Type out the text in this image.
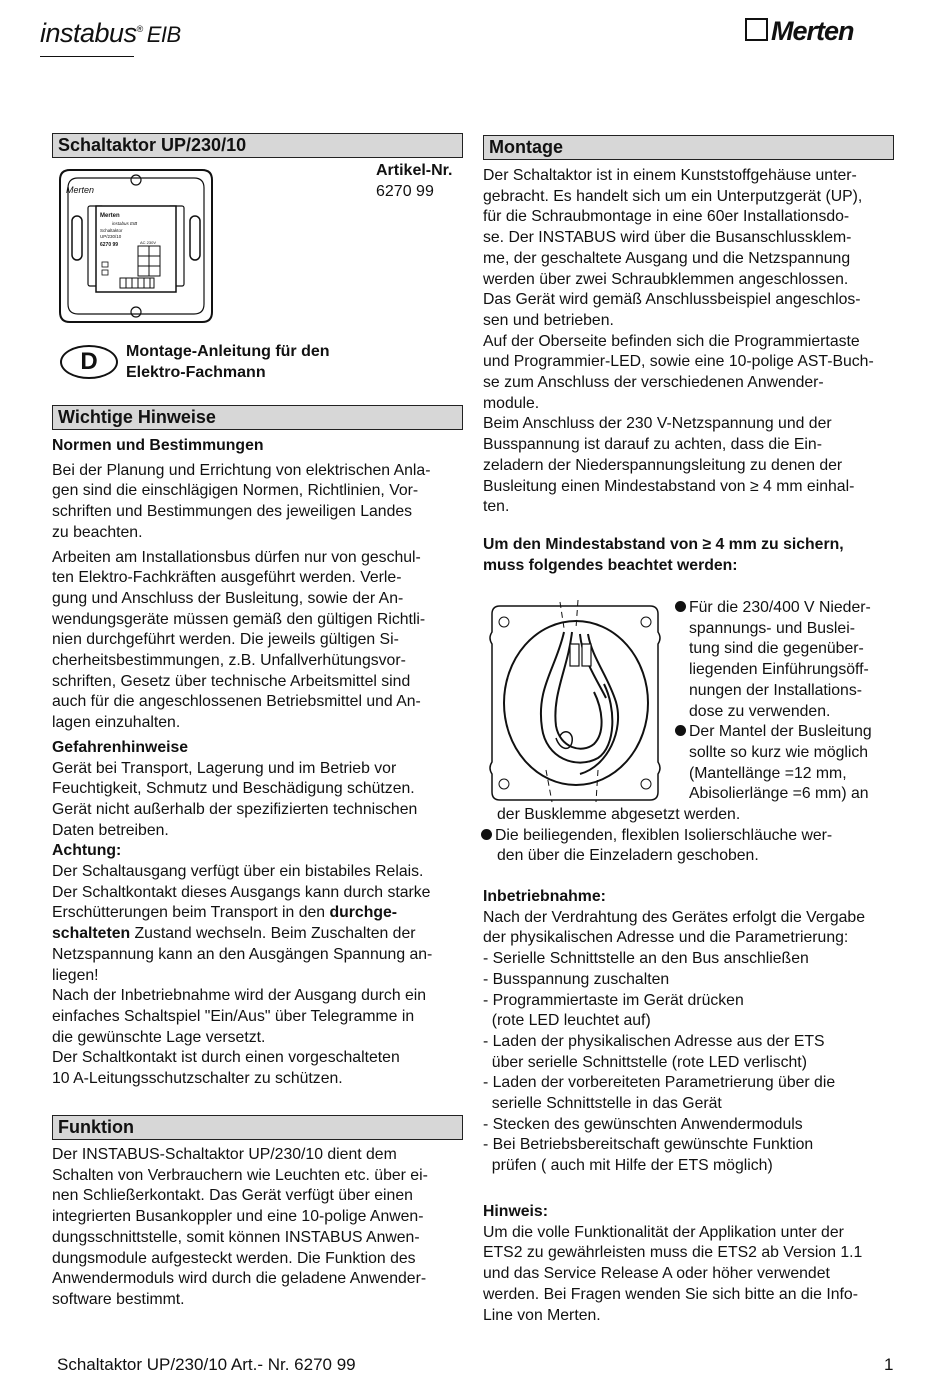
instabus® EIB	Merten
Schaltaktor UP/230/10
Artikel-Nr.
6270 99
Merten
Merten
instabus EIB
Schaltaktor
UP/230/10
6270 99	AC 230V
D	Montage-Anleitung für den
Elektro-Fachmann
Wichtige Hinweise
Normen und Bestimmungen
Bei der Planung und Errichtung von elektrischen Anla-
gen sind die einschlägigen Normen, Richtlinien, Vor-
schriften und Bestimmungen des jeweiligen Landes
zu beachten.
Arbeiten am Installationsbus dürfen nur von geschul-
ten Elektro-Fachkräften ausgeführt werden. Verle-
gung und Anschluss der Busleitung, sowie der An-
wendungsgeräte müssen gemäß den gültigen Richtli-
nien durchgeführt werden. Die jeweils gültigen Si-
cherheitsbestimmungen, z.B. Unfallverhütungsvor-
schriften, Gesetz über technische Arbeitsmittel sind
auch für die angeschlossenen Betriebsmittel und An-
lagen einzuhalten.
Gefahrenhinweise
Gerät bei Transport, Lagerung und im Betrieb vor
Feuchtigkeit, Schmutz und Beschädigung schützen.
Gerät nicht außerhalb der spezifizierten technischen
Daten betreiben.
Achtung:
Der Schaltausgang verfügt über ein bistabiles Relais.
Der Schaltkontakt dieses Ausgangs kann durch starke
Erschütterungen beim Transport in den durchge-
schalteten Zustand wechseln. Beim Zuschalten der
Netzspannung kann an den Ausgängen Spannung an-
liegen!
Nach der Inbetriebnahme wird der Ausgang durch ein
einfaches Schaltspiel "Ein/Aus" über Telegramme in
die gewünschte Lage versetzt.
Der Schaltkontakt ist durch einen vorgeschalteten
10 A-Leitungsschutzschalter zu schützen.
Funktion
Der INSTABUS-Schaltaktor UP/230/10 dient dem
Schalten von Verbrauchern wie Leuchten etc. über ei-
nen Schließerkontakt. Das Gerät verfügt über einen
integrierten Busankoppler und eine 10-polige Anwen-
dungsschnittstelle, somit können INSTABUS Anwen-
dungsmodule aufgesteckt werden. Die Funktion des
Anwendermoduls wird durch die geladene Anwender-
software bestimmt.
Montage
Der Schaltaktor ist in einem Kunststoffgehäuse unter-
gebracht. Es handelt sich um ein Unterputzgerät (UP),
für die Schraubmontage in eine 60er Installationsdo-
se. Der INSTABUS wird über die Busanschlussklem-
me, der geschaltete Ausgang und die Netzspannung
werden über zwei Schraubklemmen angeschlossen.
Das Gerät wird gemäß Anschlussbeispiel angeschlos-
sen und betrieben.
Auf der Oberseite befinden sich die Programmiertaste
und Programmier-LED, sowie eine 10-polige AST-Buch-
se zum Anschluss der verschiedenen Anwender-
module.
Beim Anschluss der 230 V-Netzspannung und der
Busspannung ist darauf zu achten, dass die Ein-
zeladern der Niederspannungsleitung zu denen der
Busleitung einen Mindestabstand von ≥ 4 mm einhal-
ten.
Um den Mindestabstand von ≥ 4 mm zu sichern,
muss folgendes beachtet werden:
Für die 230/400 V Nieder-
spannungs- und Buslei-
tung sind die gegenüber-
liegenden Einführungsöff-
nungen der Installations-
dose zu verwenden.
Der Mantel der Busleitung
sollte so kurz wie möglich
(Mantellänge =12 mm,
Abisolierlänge =6 mm) an
der Busklemme abgesetzt werden.
Die beiliegenden, flexiblen Isolierschläuche wer-
den über die Einzeladern geschoben.
Inbetriebnahme:
Nach der Verdrahtung des Gerätes erfolgt die Vergabe
der physikalischen Adresse und die Parametrierung:
- Serielle Schnittstelle an den Bus anschließen
- Busspannung zuschalten
- Programmiertaste im Gerät drücken
(rote LED leuchtet auf)
- Laden der physikalischen Adresse aus der ETS
über serielle Schnittstelle (rote LED verlischt)
- Laden der vorbereiteten Parametrierung über die
serielle Schnittstelle in das Gerät
- Stecken des gewünschten Anwendermoduls
- Bei Betriebsbereitschaft gewünschte Funktion
prüfen ( auch mit Hilfe der ETS möglich)
Hinweis:
Um die volle Funktionalität der Applikation unter der
ETS2 zu gewährleisten muss die ETS2 ab Version 1.1
und das Service Release A oder höher verwendet
werden. Bei Fragen wenden Sie sich bitte an die Info-
Line von Merten.
Schaltaktor UP/230/10 Art.- Nr. 6270 99	1
